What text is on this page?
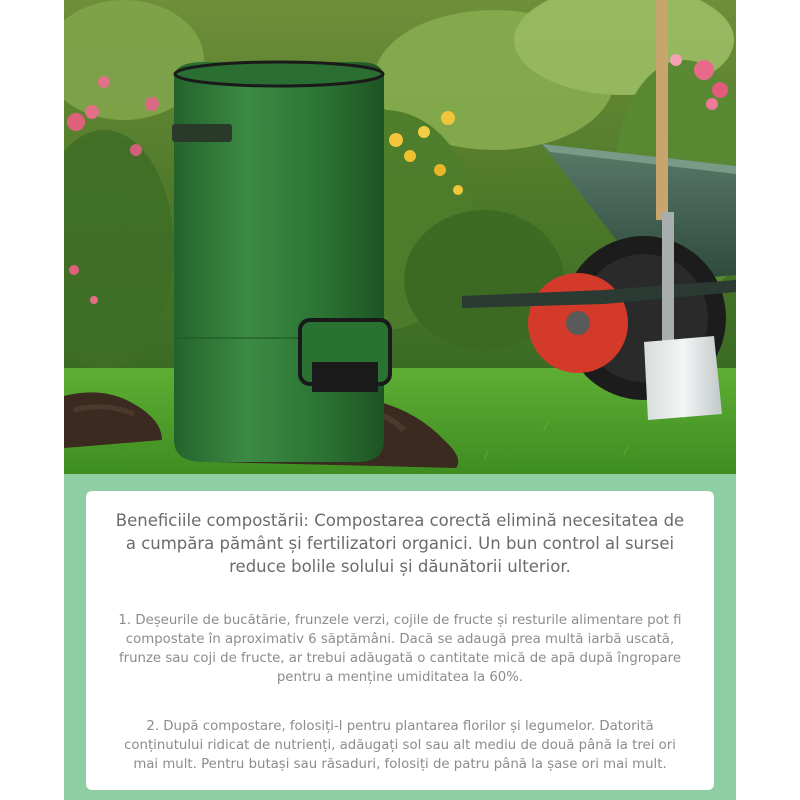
Beneficiile compostării: Compostarea corectă elimină necesitatea de a cumpăra pământ și fertilizatori organici. Un bun control al sursei reduce bolile solului și dăunătorii ulterior.

1. Deșeurile de bucătărie, frunzele verzi, cojile de fructe și resturile alimentare pot fi compostate în aproximativ 6 săptămâni. Dacă se adaugă prea multă iarbă uscată, frunze sau coji de fructe, ar trebui adăugată o cantitate mică de apă după îngropare pentru a menține umiditatea la 60%.

2. După compostare, folosiți-l pentru plantarea florilor și legumelor. Datorită conținutului ridicat de nutrienți, adăugați sol sau alt mediu de două până la trei ori mai mult. Pentru butași sau răsaduri, folosiți de patru până la șase ori mai mult.
